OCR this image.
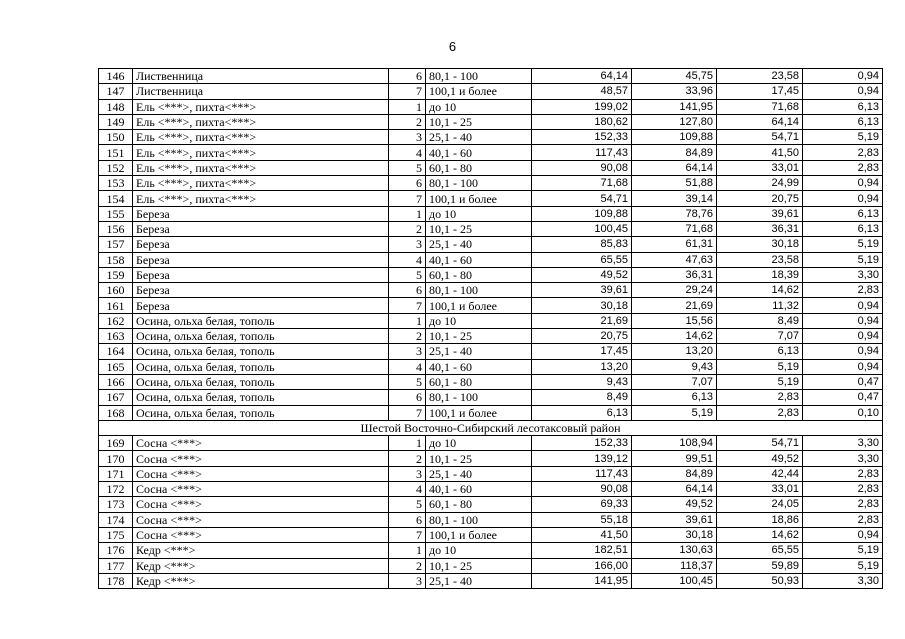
6
146	Лиственница	6	80,1 - 100	64,14	45,75	23,58	0,94
147	Лиственница	7	100,1 и более	48,57	33,96	17,45	0,94
148	Ель <***>, пихта<***>	1	до 10	199,02	141,95	71,68	6,13
149	Ель <***>, пихта<***>	2	10,1 - 25	180,62	127,80	64,14	6,13
150	Ель <***>, пихта<***>	3	25,1 - 40	152,33	109,88	54,71	5,19
151	Ель <***>, пихта<***>	4	40,1 - 60	117,43	84,89	41,50	2,83
152	Ель <***>, пихта<***>	5	60,1 - 80	90,08	64,14	33,01	2,83
153	Ель <***>, пихта<***>	6	80,1 - 100	71,68	51,88	24,99	0,94
154	Ель <***>, пихта<***>	7	100,1 и более	54,71	39,14	20,75	0,94
155	Береза	1	до 10	109,88	78,76	39,61	6,13
156	Береза	2	10,1 - 25	100,45	71,68	36,31	6,13
157	Береза	3	25,1 - 40	85,83	61,31	30,18	5,19
158	Береза	4	40,1 - 60	65,55	47,63	23,58	5,19
159	Береза	5	60,1 - 80	49,52	36,31	18,39	3,30
160	Береза	6	80,1 - 100	39,61	29,24	14,62	2,83
161	Береза	7	100,1 и более	30,18	21,69	11,32	0,94
162	Осина, ольха белая, тополь	1	до 10	21,69	15,56	8,49	0,94
163	Осина, ольха белая, тополь	2	10,1 - 25	20,75	14,62	7,07	0,94
164	Осина, ольха белая, тополь	3	25,1 - 40	17,45	13,20	6,13	0,94
165	Осина, ольха белая, тополь	4	40,1 - 60	13,20	9,43	5,19	0,94
166	Осина, ольха белая, тополь	5	60,1 - 80	9,43	7,07	5,19	0,47
167	Осина, ольха белая, тополь	6	80,1 - 100	8,49	6,13	2,83	0,47
168	Осина, ольха белая, тополь	7	100,1 и более	6,13	5,19	2,83	0,10
Шестой Восточно-Сибирский лесотаксовый район							
169	Сосна <***>	1	до 10	152,33	108,94	54,71	3,30
170	Сосна <***>	2	10,1 - 25	139,12	99,51	49,52	3,30
171	Сосна <***>	3	25,1 - 40	117,43	84,89	42,44	2,83
172	Сосна <***>	4	40,1 - 60	90,08	64,14	33,01	2,83
173	Сосна <***>	5	60,1 - 80	69,33	49,52	24,05	2,83
174	Сосна <***>	6	80,1 - 100	55,18	39,61	18,86	2,83
175	Сосна <***>	7	100,1 и более	41,50	30,18	14,62	0,94
176	Кедр <***>	1	до 10	182,51	130,63	65,55	5,19
177	Кедр <***>	2	10,1 - 25	166,00	118,37	59,89	5,19
178	Кедр <***>	3	25,1 - 40	141,95	100,45	50,93	3,30
